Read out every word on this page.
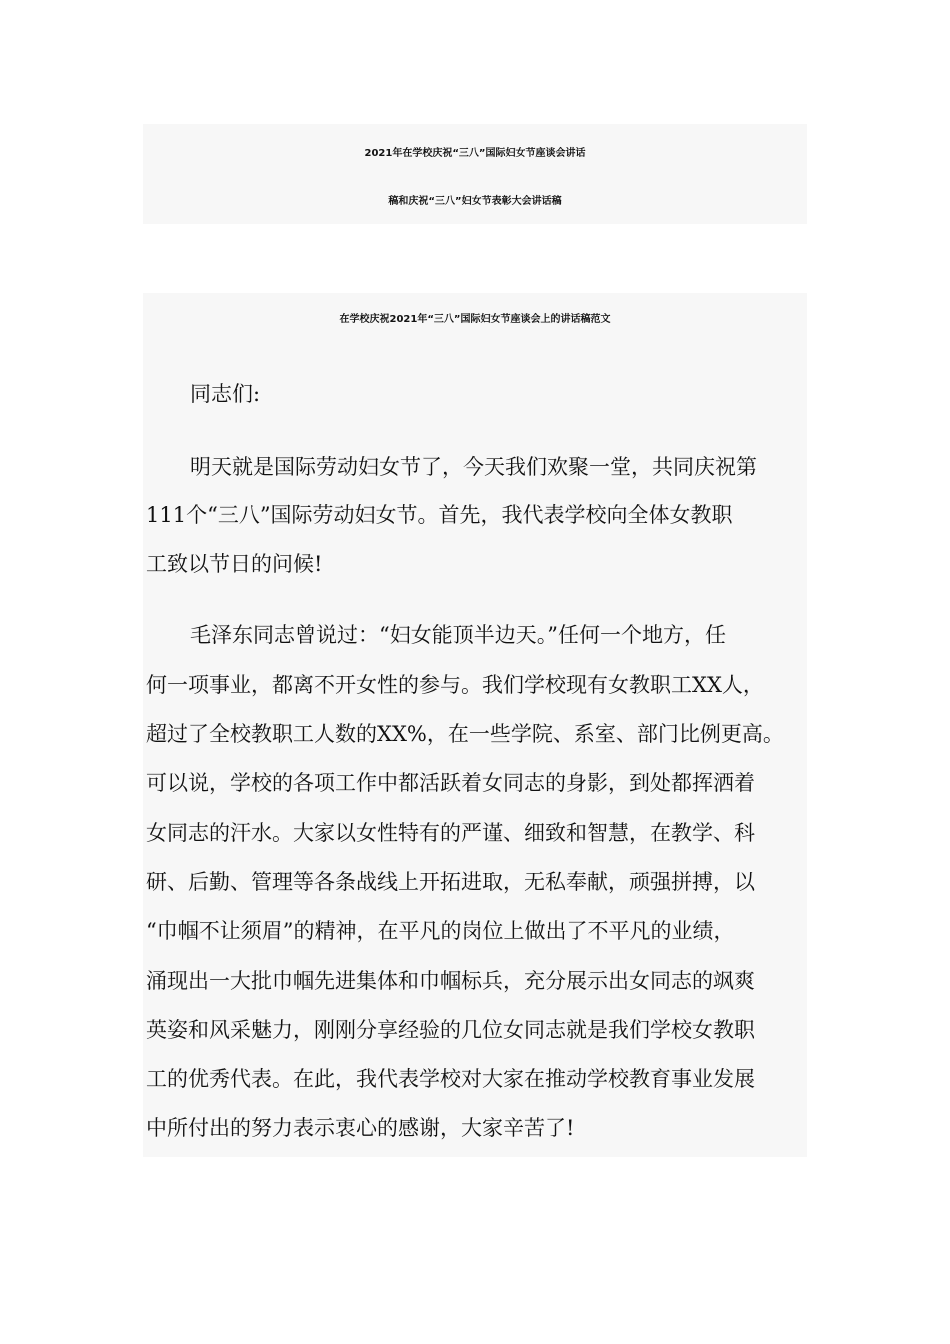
2021年在学校庆祝“三八”国际妇女节座谈会讲话
稿和庆祝“三八”妇女节表彰大会讲话稿
在学校庆祝2021年“三八”国际妇女节座谈会上的讲话稿范文
同志们:
明天就是国际劳动妇女节了，今天我们欢聚一堂，共同庆祝第
111个“三八”国际劳动妇女节。首先，我代表学校向全体女教职
工致以节日的问候!
毛泽东同志曾说过：“妇女能顶半边天。”任何一个地方，任
何一项事业，都离不开女性的参与。我们学校现有女教职工XX人，
超过了全校教职工人数的XX%，在一些学院、系室、部门比例更高。
可以说，学校的各项工作中都活跃着女同志的身影，到处都挥洒着
女同志的汗水。大家以女性特有的严谨、细致和智慧，在教学、科
研、后勤、管理等各条战线上开拓进取，无私奉献，顽强拼搏，以
“巾帼不让须眉”的精神，在平凡的岗位上做出了不平凡的业绩，
涌现出一大批巾帼先进集体和巾帼标兵，充分展示出女同志的飒爽
英姿和风采魅力，刚刚分享经验的几位女同志就是我们学校女教职
工的优秀代表。在此，我代表学校对大家在推动学校教育事业发展
中所付出的努力表示衷心的感谢，大家辛苦了!
